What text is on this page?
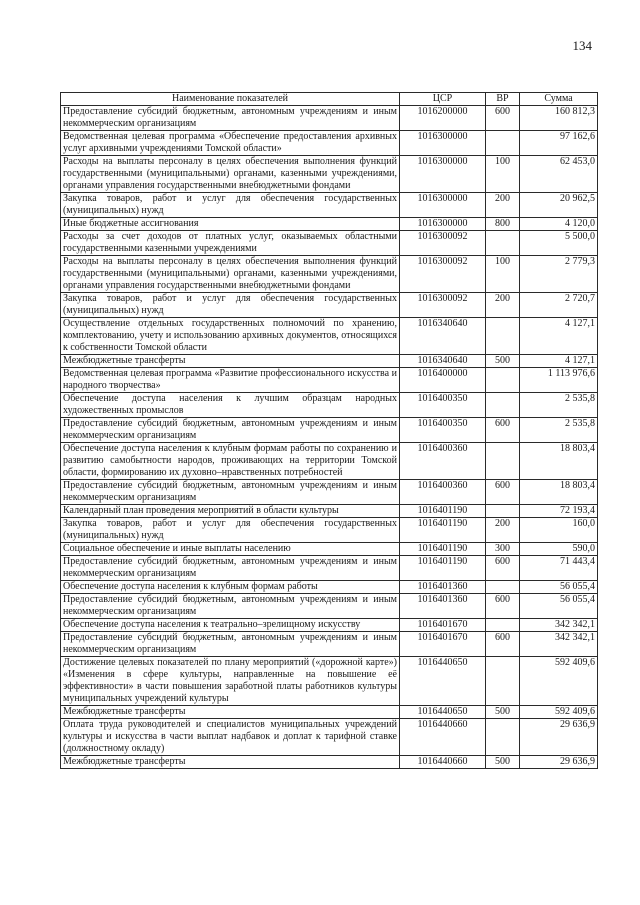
134
Наименование показателей	ЦСР	ВР	Сумма
Предоставление субсидий бюджетным, автономным учреждениям и иным некоммерческим организациям	1016200000	600	160 812,3
Ведомственная целевая программа «Обеспечение предоставления архивных услуг архивными учреждениями Томской области»	1016300000		97 162,6
Расходы на выплаты персоналу в целях обеспечения выполнения функций государственными (муниципальными) органами, казенными учреждениями, органами управления государственными внебюджетными фондами	1016300000	100	62 453,0
Закупка товаров, работ и услуг для обеспечения государственных (муниципальных) нужд	1016300000	200	20 962,5
Иные бюджетные ассигнования	1016300000	800	4 120,0
Расходы за счет доходов от платных услуг, оказываемых областными государственными казенными учреждениями	1016300092		5 500,0
Расходы на выплаты персоналу в целях обеспечения выполнения функций государственными (муниципальными) органами, казенными учреждениями, органами управления государственными внебюджетными фондами	1016300092	100	2 779,3
Закупка товаров, работ и услуг для обеспечения государственных (муниципальных) нужд	1016300092	200	2 720,7
Осуществление отдельных государственных полномочий по хранению, комплектованию, учету и использованию архивных документов, относящихся к собственности Томской области	1016340640		4 127,1
Межбюджетные трансферты	1016340640	500	4 127,1
Ведомственная целевая программа «Развитие профессионального искусства и народного творчества»	1016400000		1 113 976,6
Обеспечение доступа населения к лучшим образцам народных художественных промыслов	1016400350		2 535,8
Предоставление субсидий бюджетным, автономным учреждениям и иным некоммерческим организациям	1016400350	600	2 535,8
Обеспечение доступа населения к клубным формам работы по сохранению и развитию самобытности народов, проживающих на территории Томской области, формированию их духовно–нравственных потребностей	1016400360		18 803,4
Предоставление субсидий бюджетным, автономным учреждениям и иным некоммерческим организациям	1016400360	600	18 803,4
Календарный план проведения мероприятий в области культуры	1016401190		72 193,4
Закупка товаров, работ и услуг для обеспечения государственных (муниципальных) нужд	1016401190	200	160,0
Социальное обеспечение и иные выплаты населению	1016401190	300	590,0
Предоставление субсидий бюджетным, автономным учреждениям и иным некоммерческим организациям	1016401190	600	71 443,4
Обеспечение доступа населения к клубным формам работы	1016401360		56 055,4
Предоставление субсидий бюджетным, автономным учреждениям и иным некоммерческим организациям	1016401360	600	56 055,4
Обеспечение доступа населения к театрально–зрелищному искусству	1016401670		342 342,1
Предоставление субсидий бюджетным, автономным учреждениям и иным некоммерческим организациям	1016401670	600	342 342,1
Достижение целевых показателей по плану мероприятий («дорожной карте») «Изменения в сфере культуры, направленные на повышение её эффективности» в части повышения заработной платы работников культуры муниципальных учреждений культуры	1016440650		592 409,6
Межбюджетные трансферты	1016440650	500	592 409,6
Оплата труда руководителей и специалистов муниципальных учреждений культуры и искусства в части выплат надбавок и доплат к тарифной ставке (должностному окладу)	1016440660		29 636,9
Межбюджетные трансферты	1016440660	500	29 636,9
